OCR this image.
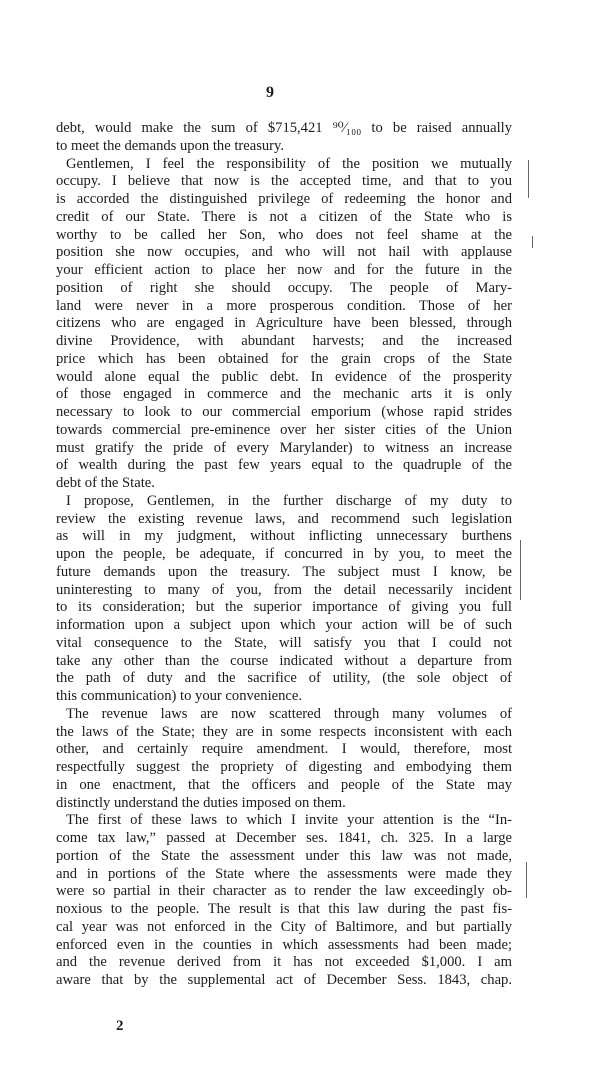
9
debt, would make the sum of $715,421 ⁹⁰⁄₁₀₀ to be raised annually
to meet the demands upon the treasury.
Gentlemen, I feel the responsibility of the position we mutually
occupy. I believe that now is the accepted time, and that to you
is accorded the distinguished privilege of redeeming the honor and
credit of our State. There is not a citizen of the State who is
worthy to be called her Son, who does not feel shame at the
position she now occupies, and who will not hail with applause
your efficient action to place her now and for the future in the
position of right she should occupy. The people of Mary-
land were never in a more prosperous condition. Those of her
citizens who are engaged in Agriculture have been blessed, through
divine Providence, with abundant harvests; and the increased
price which has been obtained for the grain crops of the State
would alone equal the public debt. In evidence of the prosperity
of those engaged in commerce and the mechanic arts it is only
necessary to look to our commercial emporium (whose rapid strides
towards commercial pre-eminence over her sister cities of the Union
must gratify the pride of every Marylander) to witness an increase
of wealth during the past few years equal to the quadruple of the
debt of the State.
I propose, Gentlemen, in the further discharge of my duty to
review the existing revenue laws, and recommend such legislation
as will in my judgment, without inflicting unnecessary burthens
upon the people, be adequate, if concurred in by you, to meet the
future demands upon the treasury. The subject must I know, be
uninteresting to many of you, from the detail necessarily incident
to its consideration; but the superior importance of giving you full
information upon a subject upon which your action will be of such
vital consequence to the State, will satisfy you that I could not
take any other than the course indicated without a departure from
the path of duty and the sacrifice of utility, (the sole object of
this communication) to your convenience.
The revenue laws are now scattered through many volumes of
the laws of the State; they are in some respects inconsistent with each
other, and certainly require amendment. I would, therefore, most
respectfully suggest the propriety of digesting and embodying them
in one enactment, that the officers and people of the State may
distinctly understand the duties imposed on them.
The first of these laws to which I invite your attention is the “In-
come tax law,” passed at December ses. 1841, ch. 325. In a large
portion of the State the assessment under this law was not made,
and in portions of the State where the assessments were made they
were so partial in their character as to render the law exceedingly ob-
noxious to the people. The result is that this law during the past fis-
cal year was not enforced in the City of Baltimore, and but partially
enforced even in the counties in which assessments had been made;
and the revenue derived from it has not exceeded $1,000. I am
aware that by the supplemental act of December Sess. 1843, chap.
2
